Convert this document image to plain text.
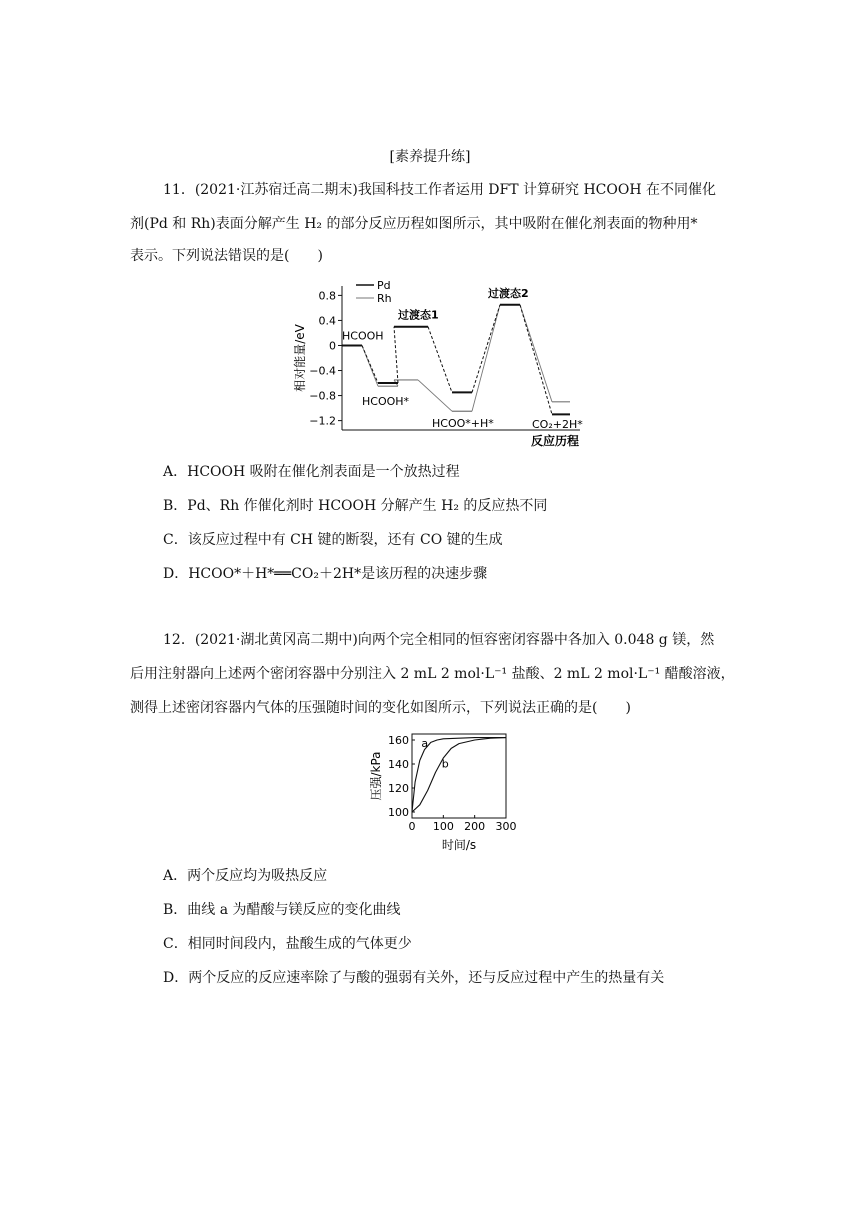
[素养提升练]
11．(2021·江苏宿迁高二期末)我国科技工作者运用 DFT 计算研究 HCOOH 在不同催化
剂(Pd 和 Rh)表面分解产生 H₂ 的部分反应历程如图所示，其中吸附在催化剂表面的物种用*
表示。下列说法错误的是(　　)
0.8
0.4
0
−0.4
−0.8
−1.2
相对能量/eV
反应历程
Pd
Rh
HCOOH
HCOOH*
过渡态1
HCOO*+H*
过渡态2
CO₂+2H*
A．HCOOH 吸附在催化剂表面是一个放热过程
B．Pd、Rh 作催化剂时 HCOOH 分解产生 H₂ 的反应热不同
C．该反应过程中有 CH 键的断裂，还有 CO 键的生成
D．HCOO*＋H*══CO₂＋2H*是该历程的决速步骤
12．(2021·湖北黄冈高二期中)向两个完全相同的恒容密闭容器中各加入 0.048 g 镁，然
后用注射器向上述两个密闭容器中分别注入 2 mL 2 mol·L⁻¹ 盐酸、2 mL 2 mol·L⁻¹ 醋酸溶液，
测得上述密闭容器内气体的压强随时间的变化如图所示，下列说法正确的是(　　)
0 100 200 300
100
120
140
160
压强/kPa
时间/s
a
b
A．两个反应均为吸热反应
B．曲线 a 为醋酸与镁反应的变化曲线
C．相同时间段内，盐酸生成的气体更少
D．两个反应的反应速率除了与酸的强弱有关外，还与反应过程中产生的热量有关
